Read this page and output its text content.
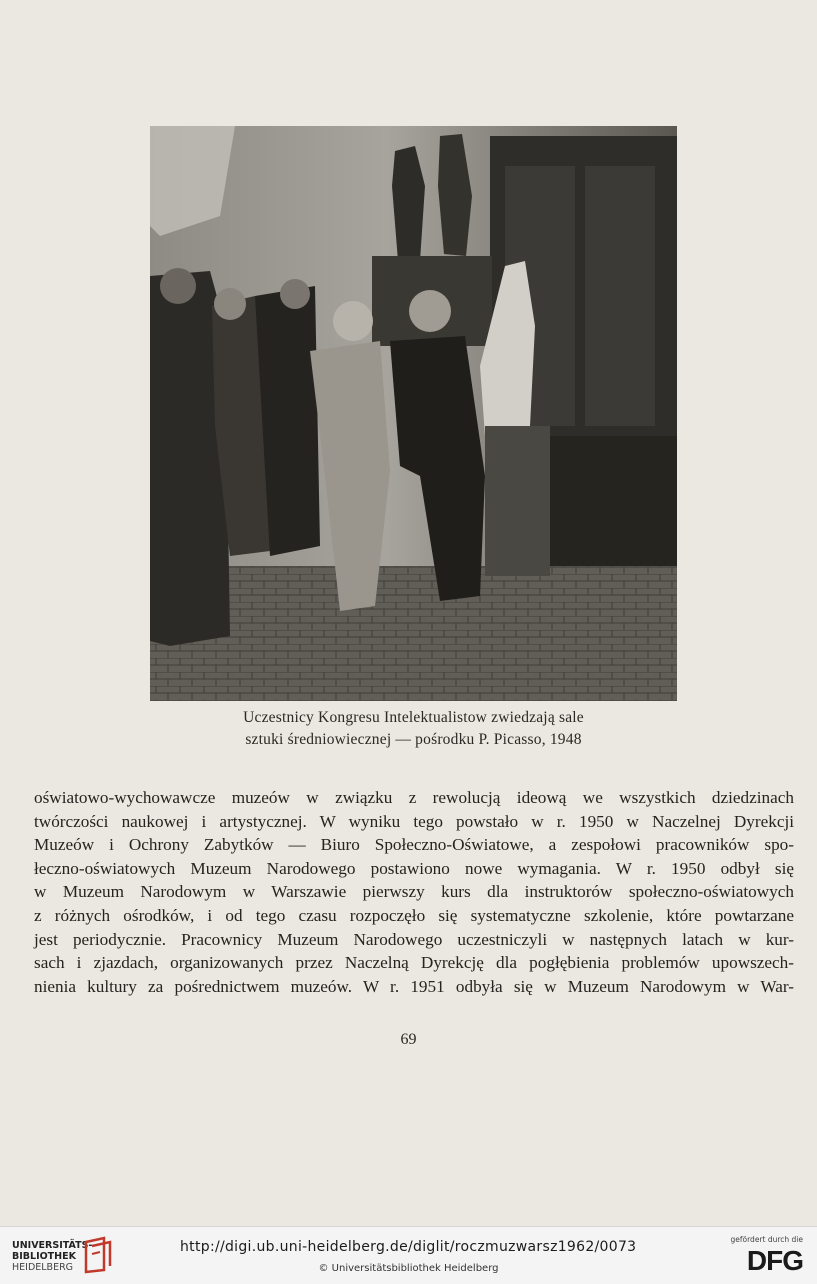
Uczestnicy Kongresu Intelektualistow zwiedzają sale
sztuki średniowiecznej — pośrodku P. Picasso, 1948
oświatowo-wychowawcze muzeów w związku z rewolucją ideową we wszystkich dziedzinach
twórczości naukowej i artystycznej. W wyniku tego powstało w r. 1950 w Naczelnej Dyrekcji
Muzeów i Ochrony Zabytków — Biuro Społeczno-Oświatowe, a zespołowi pracowników spo-
łeczno-oświatowych Muzeum Narodowego postawiono nowe wymagania. W r. 1950 odbył się
w Muzeum Narodowym w Warszawie pierwszy kurs dla instruktorów społeczno-oświatowych
z różnych ośrodków, i od tego czasu rozpoczęło się systematyczne szkolenie, które powtarzane
jest periodycznie. Pracownicy Muzeum Narodowego uczestniczyli w następnych latach w kur-
sach i zjazdach, organizowanych przez Naczelną Dyrekcję dla pogłębienia problemów upowszech-
nienia kultury za pośrednictwem muzeów. W r. 1951 odbyła się w Muzeum Narodowym w War-
69
UNIVERSITÄTS-
BIBLIOTHEK
HEIDELBERG
http://digi.ub.uni-heidelberg.de/diglit/roczmuzwarsz1962/0073
© Universitätsbibliothek Heidelberg
gefördert durch die
DFG
